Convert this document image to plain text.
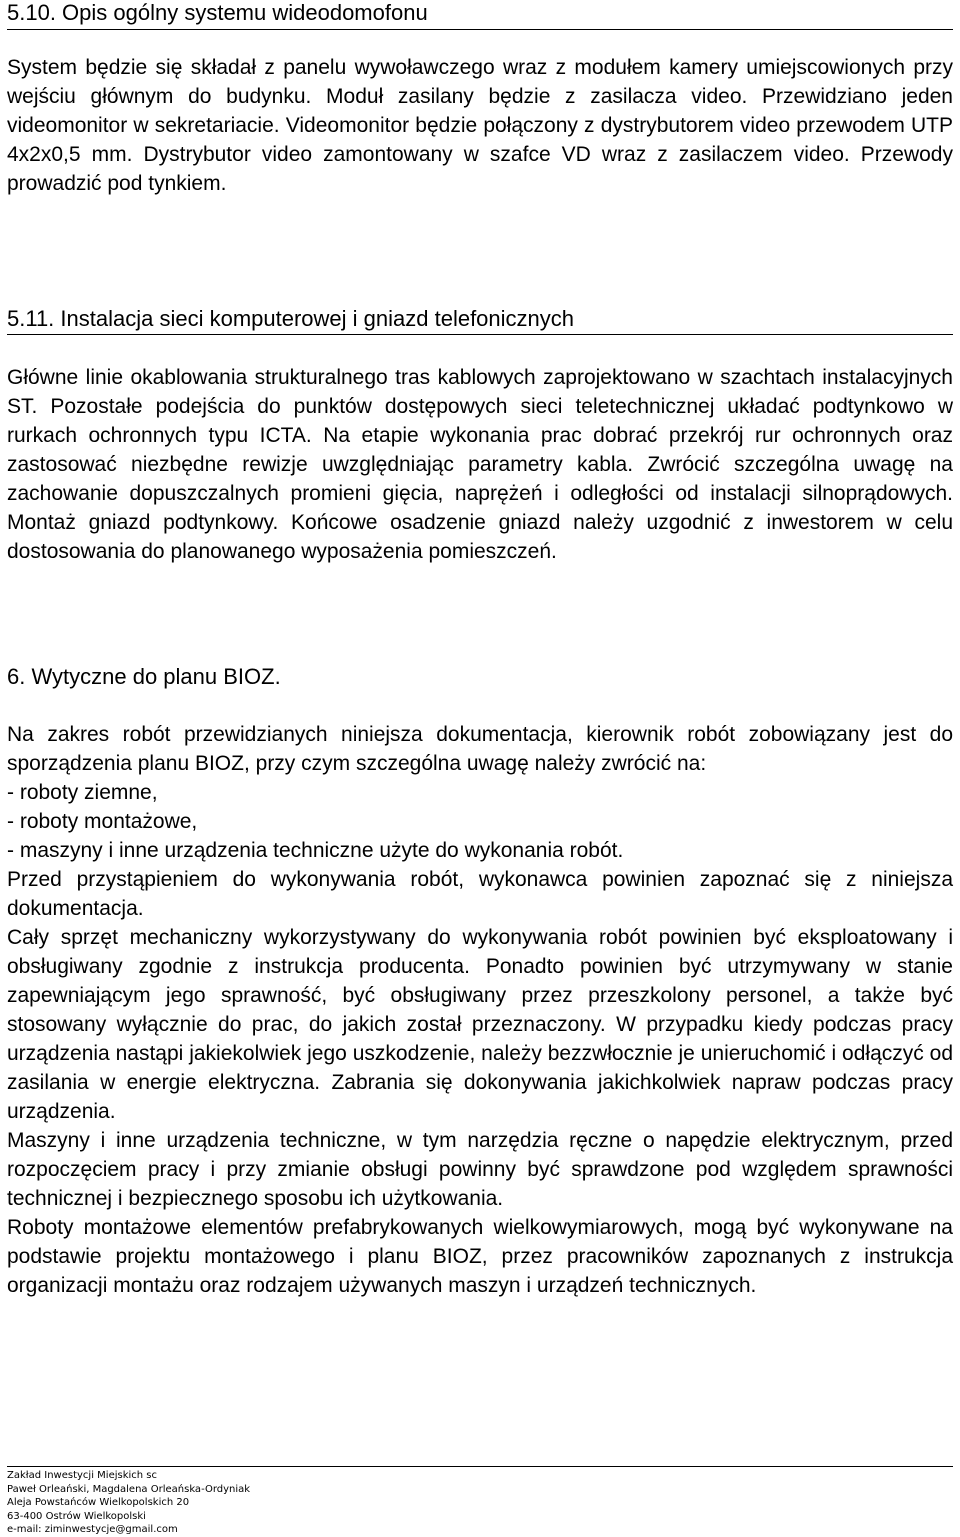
5.10. Opis ogólny systemu wideodomofonu

System będzie się składał z panelu wywoławczego wraz z modułem kamery umiejscowionych przy wejściu głównym do budynku. Moduł zasilany będzie z zasilacza video. Przewidziano jeden videomonitor w sekretariacie. Videomonitor będzie połączony z dystrybutorem video przewodem UTP 4x2x0,5 mm. Dystrybutor video zamontowany w szafce VD wraz z zasilaczem video. Przewody prowadzić pod tynkiem.

5.11. Instalacja sieci komputerowej i gniazd telefonicznych

Główne linie okablowania strukturalnego tras kablowych zaprojektowano w szachtach instalacyjnych ST. Pozostałe podejścia do punktów dostępowych sieci teletechnicznej układać podtynkowo w rurkach ochronnych typu ICTA. Na etapie wykonania prac dobrać przekrój rur ochronnych oraz zastosować niezbędne rewizje uwzględniając parametry kabla. Zwrócić szczególna uwagę na zachowanie dopuszczalnych promieni gięcia, naprężeń i odległości od instalacji silnoprądowych. Montaż gniazd podtynkowy. Końcowe osadzenie gniazd należy uzgodnić z inwestorem w celu dostosowania do planowanego wyposażenia pomieszczeń.

6. Wytyczne do planu BIOZ.

Na zakres robót przewidzianych niniejsza dokumentacja, kierownik robót zobowiązany jest do sporządzenia planu BIOZ, przy czym szczególna uwagę należy zwrócić na:

- roboty ziemne,
- roboty montażowe,
- maszyny i inne urządzenia techniczne użyte do wykonania robót.

Przed przystąpieniem do wykonywania robót, wykonawca powinien zapoznać się z niniejsza dokumentacja.

Cały sprzęt mechaniczny wykorzystywany do wykonywania robót powinien być eksploatowany i obsługiwany zgodnie z instrukcja producenta. Ponadto powinien być utrzymywany w stanie zapewniającym jego sprawność, być obsługiwany przez przeszkolony personel, a także być stosowany wyłącznie do prac, do jakich został przeznaczony. W przypadku kiedy podczas pracy urządzenia nastąpi jakiekolwiek jego uszkodzenie, należy bezzwłocznie je unieruchomić i odłączyć od zasilania w energie elektryczna. Zabrania się dokonywania jakichkolwiek napraw podczas pracy urządzenia.

Maszyny i inne urządzenia techniczne, w tym narzędzia ręczne o napędzie elektrycznym, przed rozpoczęciem pracy i przy zmianie obsługi powinny być sprawdzone pod względem sprawności technicznej i bezpiecznego sposobu ich użytkowania.

Roboty montażowe elementów prefabrykowanych wielkowymiarowych, mogą być wykonywane na podstawie projektu montażowego i planu BIOZ, przez pracowników zapoznanych z instrukcja organizacji montażu oraz rodzajem używanych maszyn i urządzeń technicznych.

Zakład Inwestycji Miejskich sc
Paweł Orleański, Magdalena Orleańska-Ordyniak
Aleja Powstańców Wielkopolskich 20
63-400 Ostrów Wielkopolski
e-mail: ziminwestycje@gmail.com
